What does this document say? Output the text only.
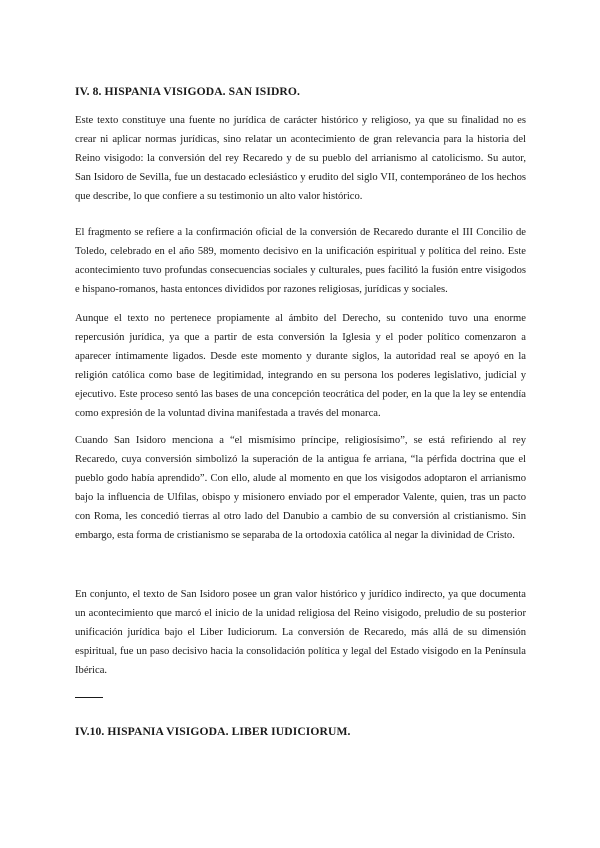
IV. 8. HISPANIA VISIGODA. SAN ISIDRO.

Este texto constituye una fuente no jurídica de carácter histórico y religioso, ya que su finalidad no es crear ni aplicar normas jurídicas, sino relatar un acontecimiento de gran relevancia para la historia del Reino visigodo: la conversión del rey Recaredo y de su pueblo del arrianismo al catolicismo. Su autor, San Isidoro de Sevilla, fue un destacado eclesiástico y erudito del siglo VII, contemporáneo de los hechos que describe, lo que confiere a su testimonio un alto valor histórico.

El fragmento se refiere a la confirmación oficial de la conversión de Recaredo durante el III Concilio de Toledo, celebrado en el año 589, momento decisivo en la unificación espiritual y política del reino. Este acontecimiento tuvo profundas consecuencias sociales y culturales, pues facilitó la fusión entre visigodos e hispano-romanos, hasta entonces divididos por razones religiosas, jurídicas y sociales.

Aunque el texto no pertenece propiamente al ámbito del Derecho, su contenido tuvo una enorme repercusión jurídica, ya que a partir de esta conversión la Iglesia y el poder político comenzaron a aparecer íntimamente ligados. Desde este momento y durante siglos, la autoridad real se apoyó en la religión católica como base de legitimidad, integrando en su persona los poderes legislativo, judicial y ejecutivo. Este proceso sentó las bases de una concepción teocrática del poder, en la que la ley se entendía como expresión de la voluntad divina manifestada a través del monarca.

Cuando San Isidoro menciona a “el mismísimo príncipe, religiosísimo”, se está refiriendo al rey Recaredo, cuya conversión simbolizó la superación de la antigua fe arriana, “la pérfida doctrina que el pueblo godo había aprendido”. Con ello, alude al momento en que los visigodos adoptaron el arrianismo bajo la influencia de Ulfilas, obispo y misionero enviado por el emperador Valente, quien, tras un pacto con Roma, les concedió tierras al otro lado del Danubio a cambio de su conversión al cristianismo. Sin embargo, esta forma de cristianismo se separaba de la ortodoxia católica al negar la divinidad de Cristo.

En conjunto, el texto de San Isidoro posee un gran valor histórico y jurídico indirecto, ya que documenta un acontecimiento que marcó el inicio de la unidad religiosa del Reino visigodo, preludio de su posterior unificación jurídica bajo el Liber Iudiciorum. La conversión de Recaredo, más allá de su dimensión espiritual, fue un paso decisivo hacia la consolidación política y legal del Estado visigodo en la Península Ibérica.

IV.10. HISPANIA VISIGODA. LIBER IUDICIORUM.
